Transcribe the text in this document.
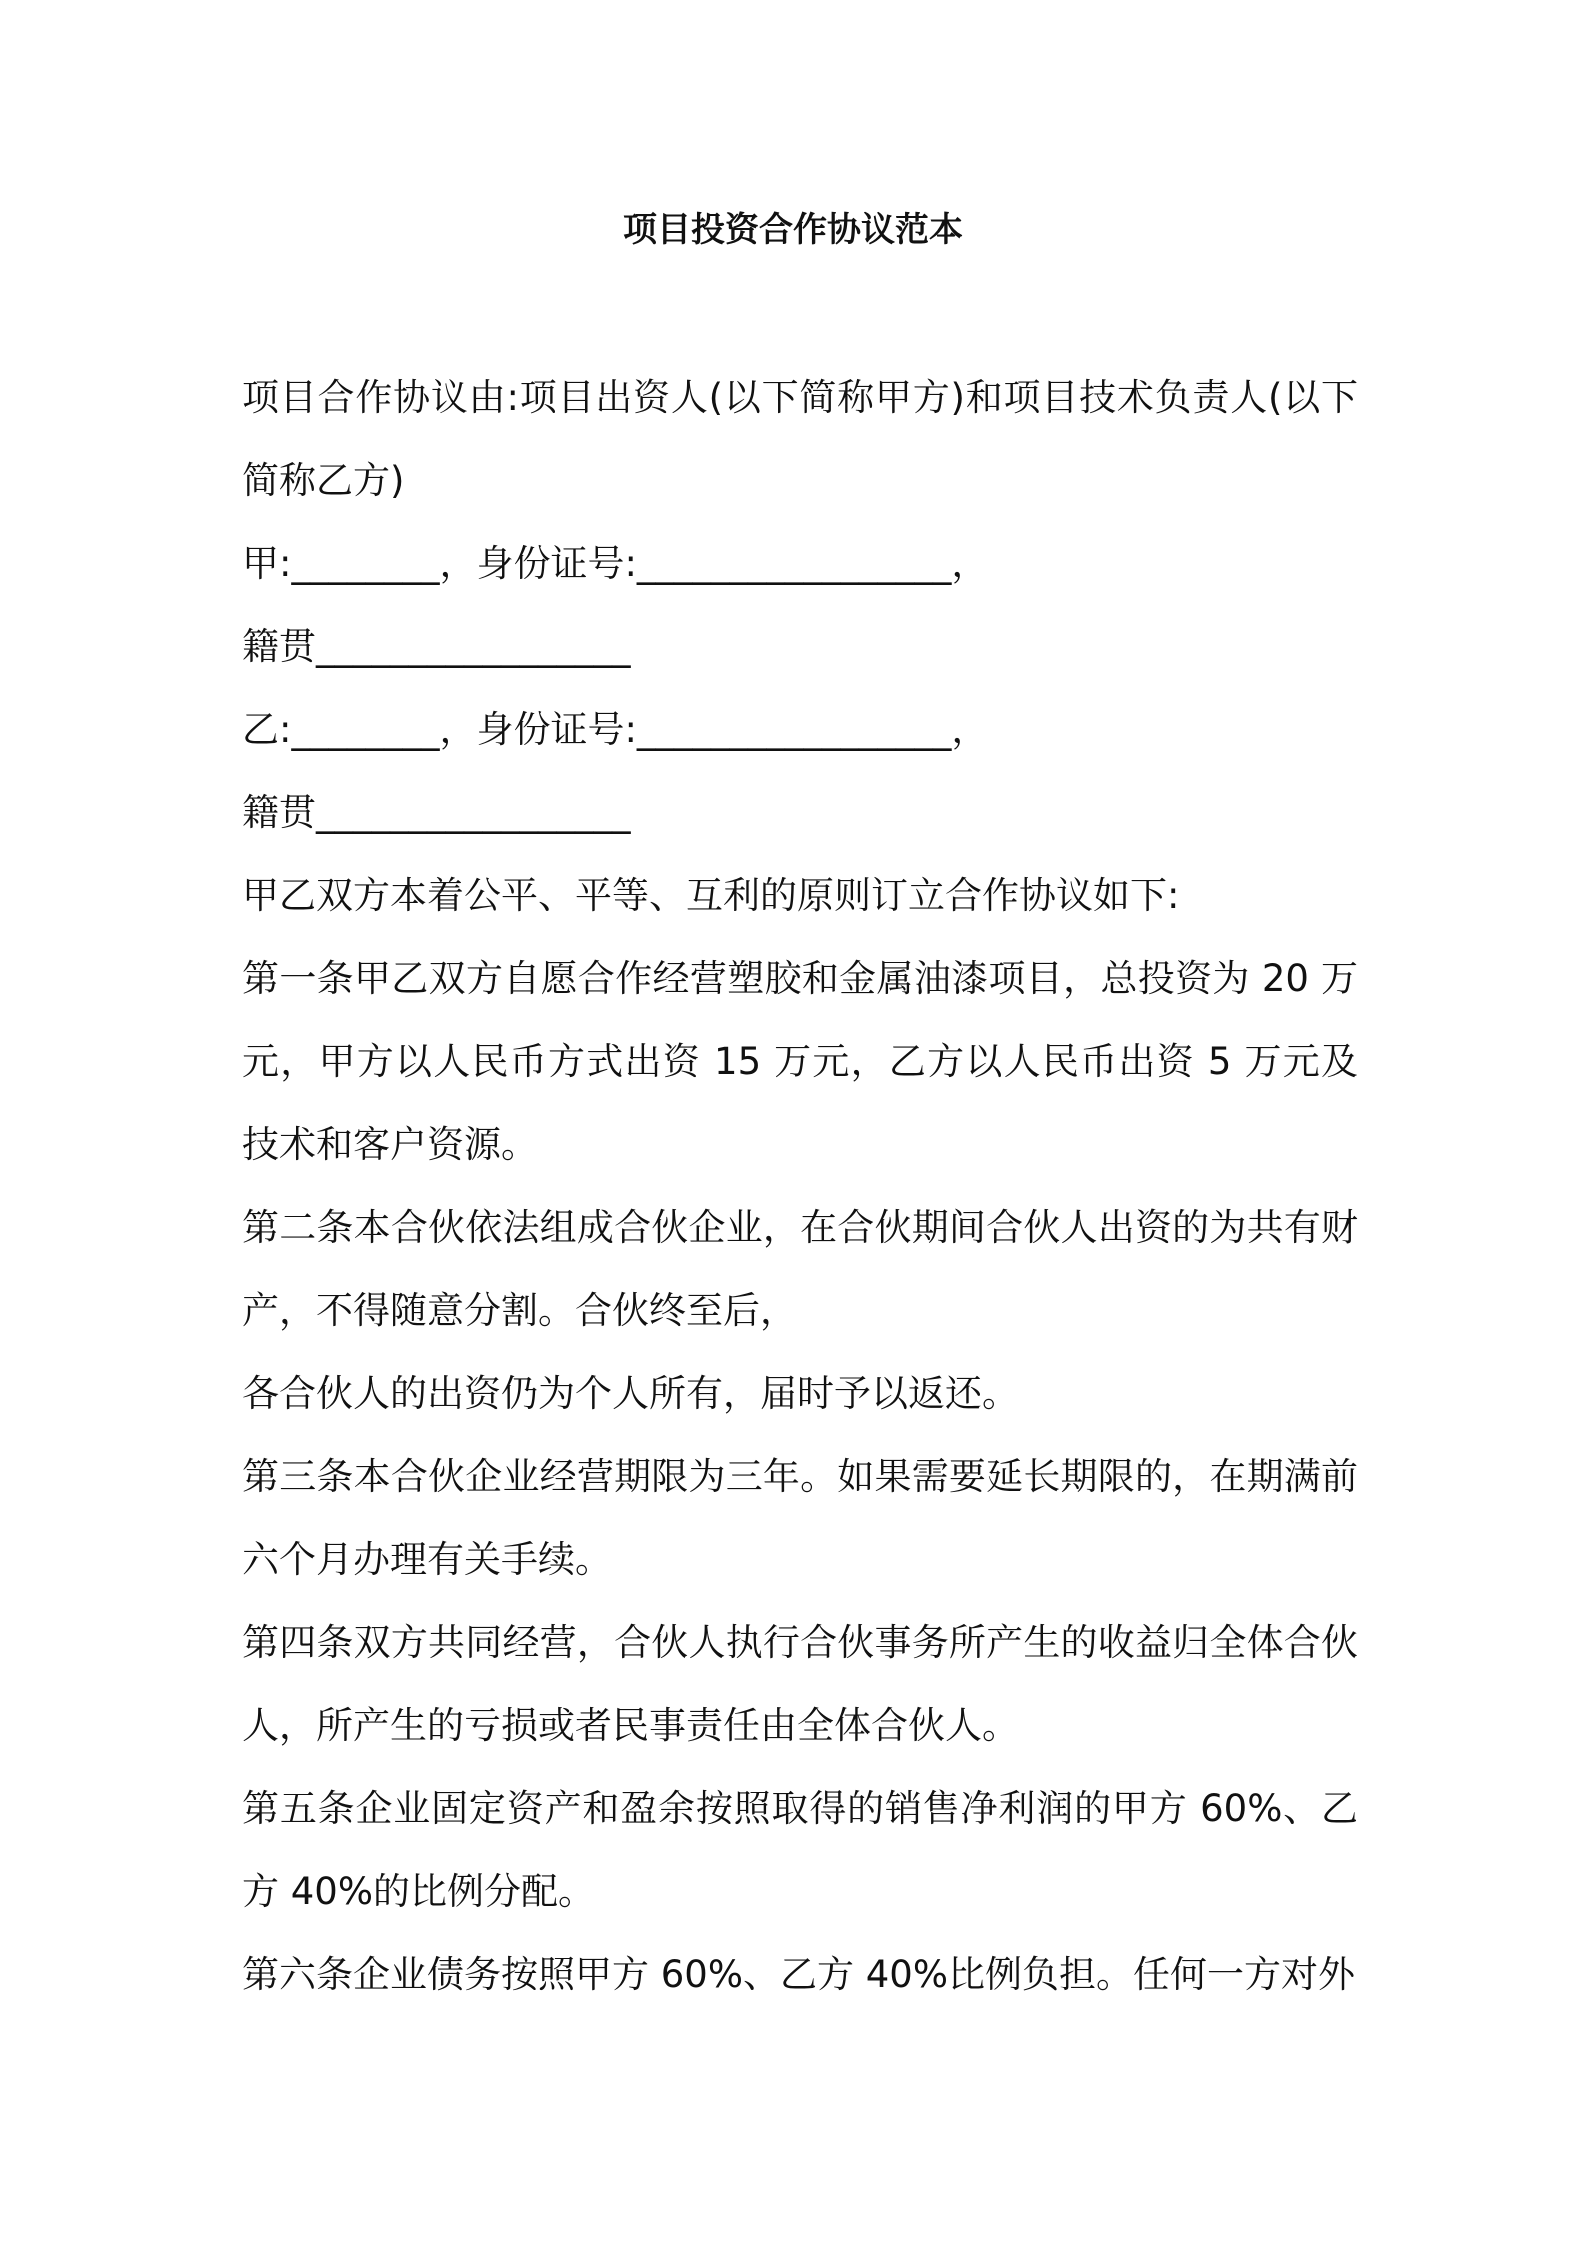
项目投资合作协议范本

项目合作协议由:项目出资人(以下简称甲方)和项目技术负责人(以下简称乙方)

甲:________，身份证号:_________________，

籍贯_________________

乙:________，身份证号:_________________，

籍贯_________________

甲乙双方本着公平、平等、互利的原则订立合作协议如下:

第一条甲乙双方自愿合作经营塑胶和金属油漆项目，总投资为 20 万元，甲方以人民币方式出资 15 万元，乙方以人民币出资 5 万元及技术和客户资源。

第二条本合伙依法组成合伙企业，在合伙期间合伙人出资的为共有财产，不得随意分割。合伙终至后，

各合伙人的出资仍为个人所有，届时予以返还。

第三条本合伙企业经营期限为三年。如果需要延长期限的，在期满前六个月办理有关手续。

第四条双方共同经营，合伙人执行合伙事务所产生的收益归全体合伙人，所产生的亏损或者民事责任由全体合伙人。

第五条企业固定资产和盈余按照取得的销售净利润的甲方 60%、乙方 40%的比例分配。

第六条企业债务按照甲方 60%、乙方 40%比例负担。任何一方对外
